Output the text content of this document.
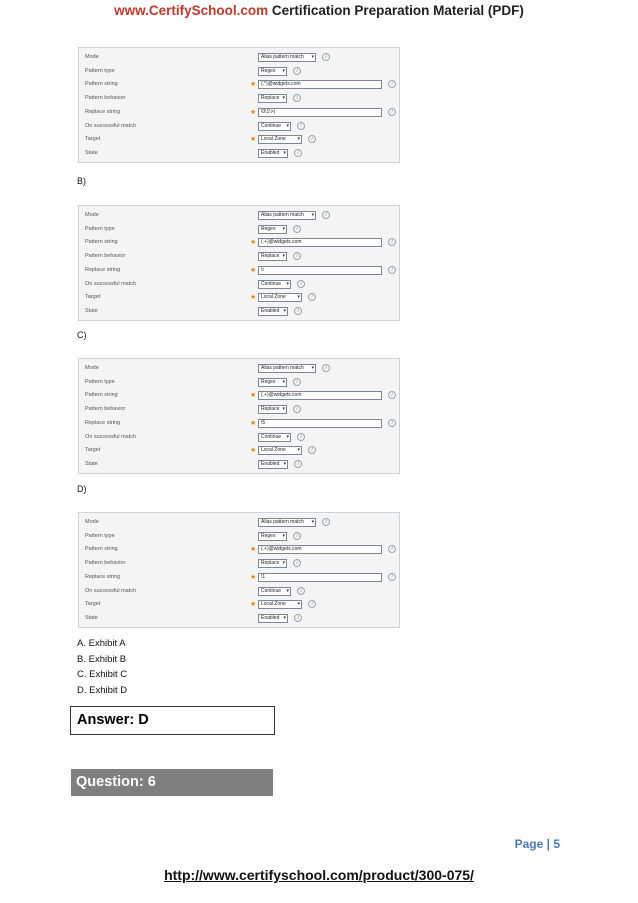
www.CertifySchool.com Certification Preparation Material (PDF)
Mode	Alias pattern match ▾	i
Pattern type	Regex ▾	i
Pattern string	★ (.*)@widgets.com	i
Pattern behavior	Replace ▾	i
Replace string	★ \0\1\>)	i
On successful match	Continue ▾	i
Target	★ Local Zone ▾	i
State	Enabled ▾	i
B)
Mode	Alias pattern match ▾	i
Pattern type	Regex ▾	i
Pattern string	★ (.+)@widgets.com	i
Pattern behavior	Replace ▾	i
Replace string	★ \r	i
On successful match	Continue ▾	i
Target	★ Local Zone ▾	i
State	Enabled ▾	i
C)
Mode	Alias pattern match ▾	i
Pattern type	Regex ▾	i
Pattern string	★ (.+)@widgets.com	i
Pattern behavior	Replace ▾	i
Replace string	★ \5	i
On successful match	Continue ▾	i
Target	★ Local Zone ▾	i
State	Enabled ▾	i
D)
Mode	Alias pattern match ▾	i
Pattern type	Regex ▾	i
Pattern string	★ (.+)@widgets.com	i
Pattern behavior	Replace ▾	i
Replace string	★ \1	i
On successful match	Continue ▾	i
Target	★ Local Zone ▾	i
State	Enabled ▾	i
A. Exhibit A
B. Exhibit B
C. Exhibit C
D. Exhibit D
Answer: D
Question: 6
Page | 5
http://www.certifyschool.com/product/300-075/
